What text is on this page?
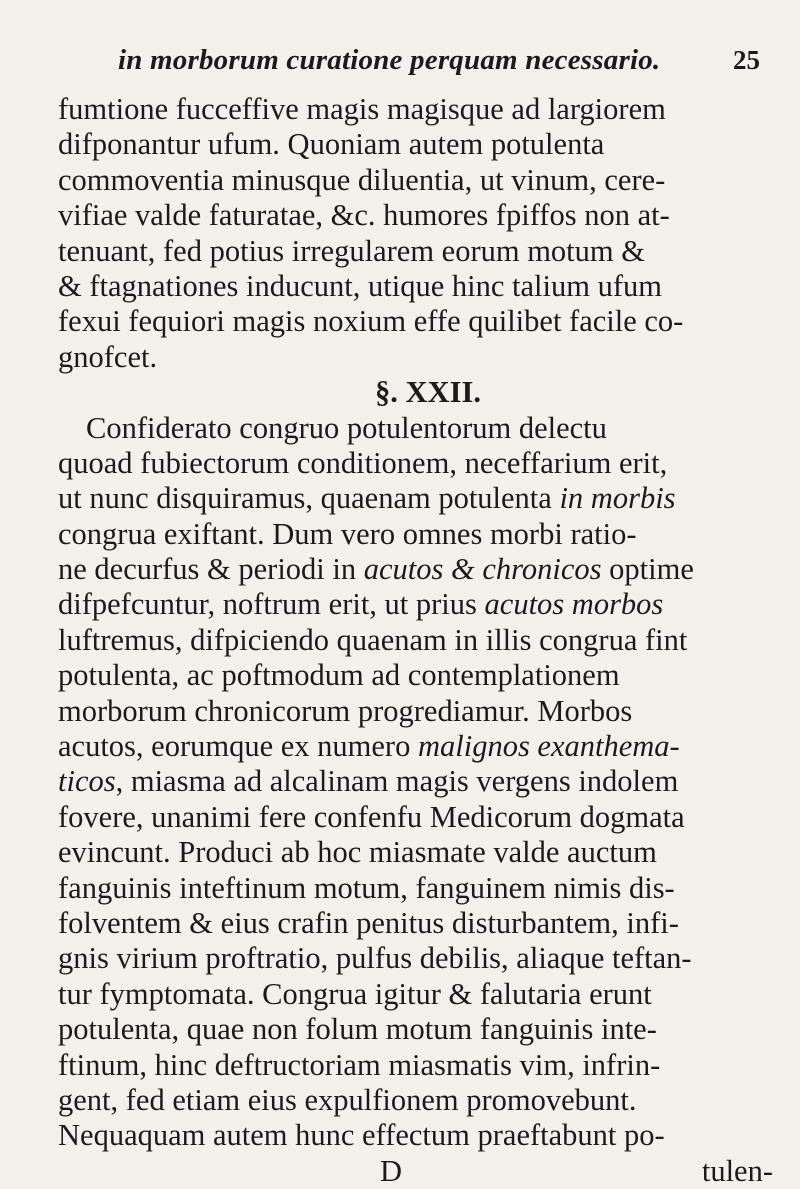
in morborum curatione perquam necessario.	25
fumtione fucceffive magis magisque ad largiorem
difponantur ufum. Quoniam autem potulenta
commoventia minusque diluentia, ut vinum, cere-
vifiae valde faturatae, &c. humores fpiffos non at-
tenuant, fed potius irregularem eorum motum &
& ftagnationes inducunt, utique hinc talium ufum
fexui fequiori magis noxium effe quilibet facile co-
gnofcet.
§. XXII.
Confiderato congruo potulentorum delectu
quoad fubiectorum conditionem, neceffarium erit,
ut nunc disquiramus, quaenam potulenta in morbis
congrua exiftant. Dum vero omnes morbi ratio-
ne decurfus & periodi in acutos & chronicos optime
difpefcuntur, noftrum erit, ut prius acutos morbos
luftremus, difpiciendo quaenam in illis congrua fint
potulenta, ac poftmodum ad contemplationem
morborum chronicorum progrediamur. Morbos
acutos, eorumque ex numero malignos exanthema-
ticos, miasma ad alcalinam magis vergens indolem
fovere, unanimi fere confenfu Medicorum dogmata
evincunt. Produci ab hoc miasmate valde auctum
fanguinis inteftinum motum, fanguinem nimis dis-
folventem & eius crafin penitus disturbantem, infi-
gnis virium proftratio, pulfus debilis, aliaque teftan-
tur fymptomata. Congrua igitur & falutaria erunt
potulenta, quae non folum motum fanguinis inte-
ftinum, hinc deftructoriam miasmatis vim, infrin-
gent, fed etiam eius expulfionem promovebunt.
Nequaquam autem hunc effectum praeftabunt po-
D	tulen-
